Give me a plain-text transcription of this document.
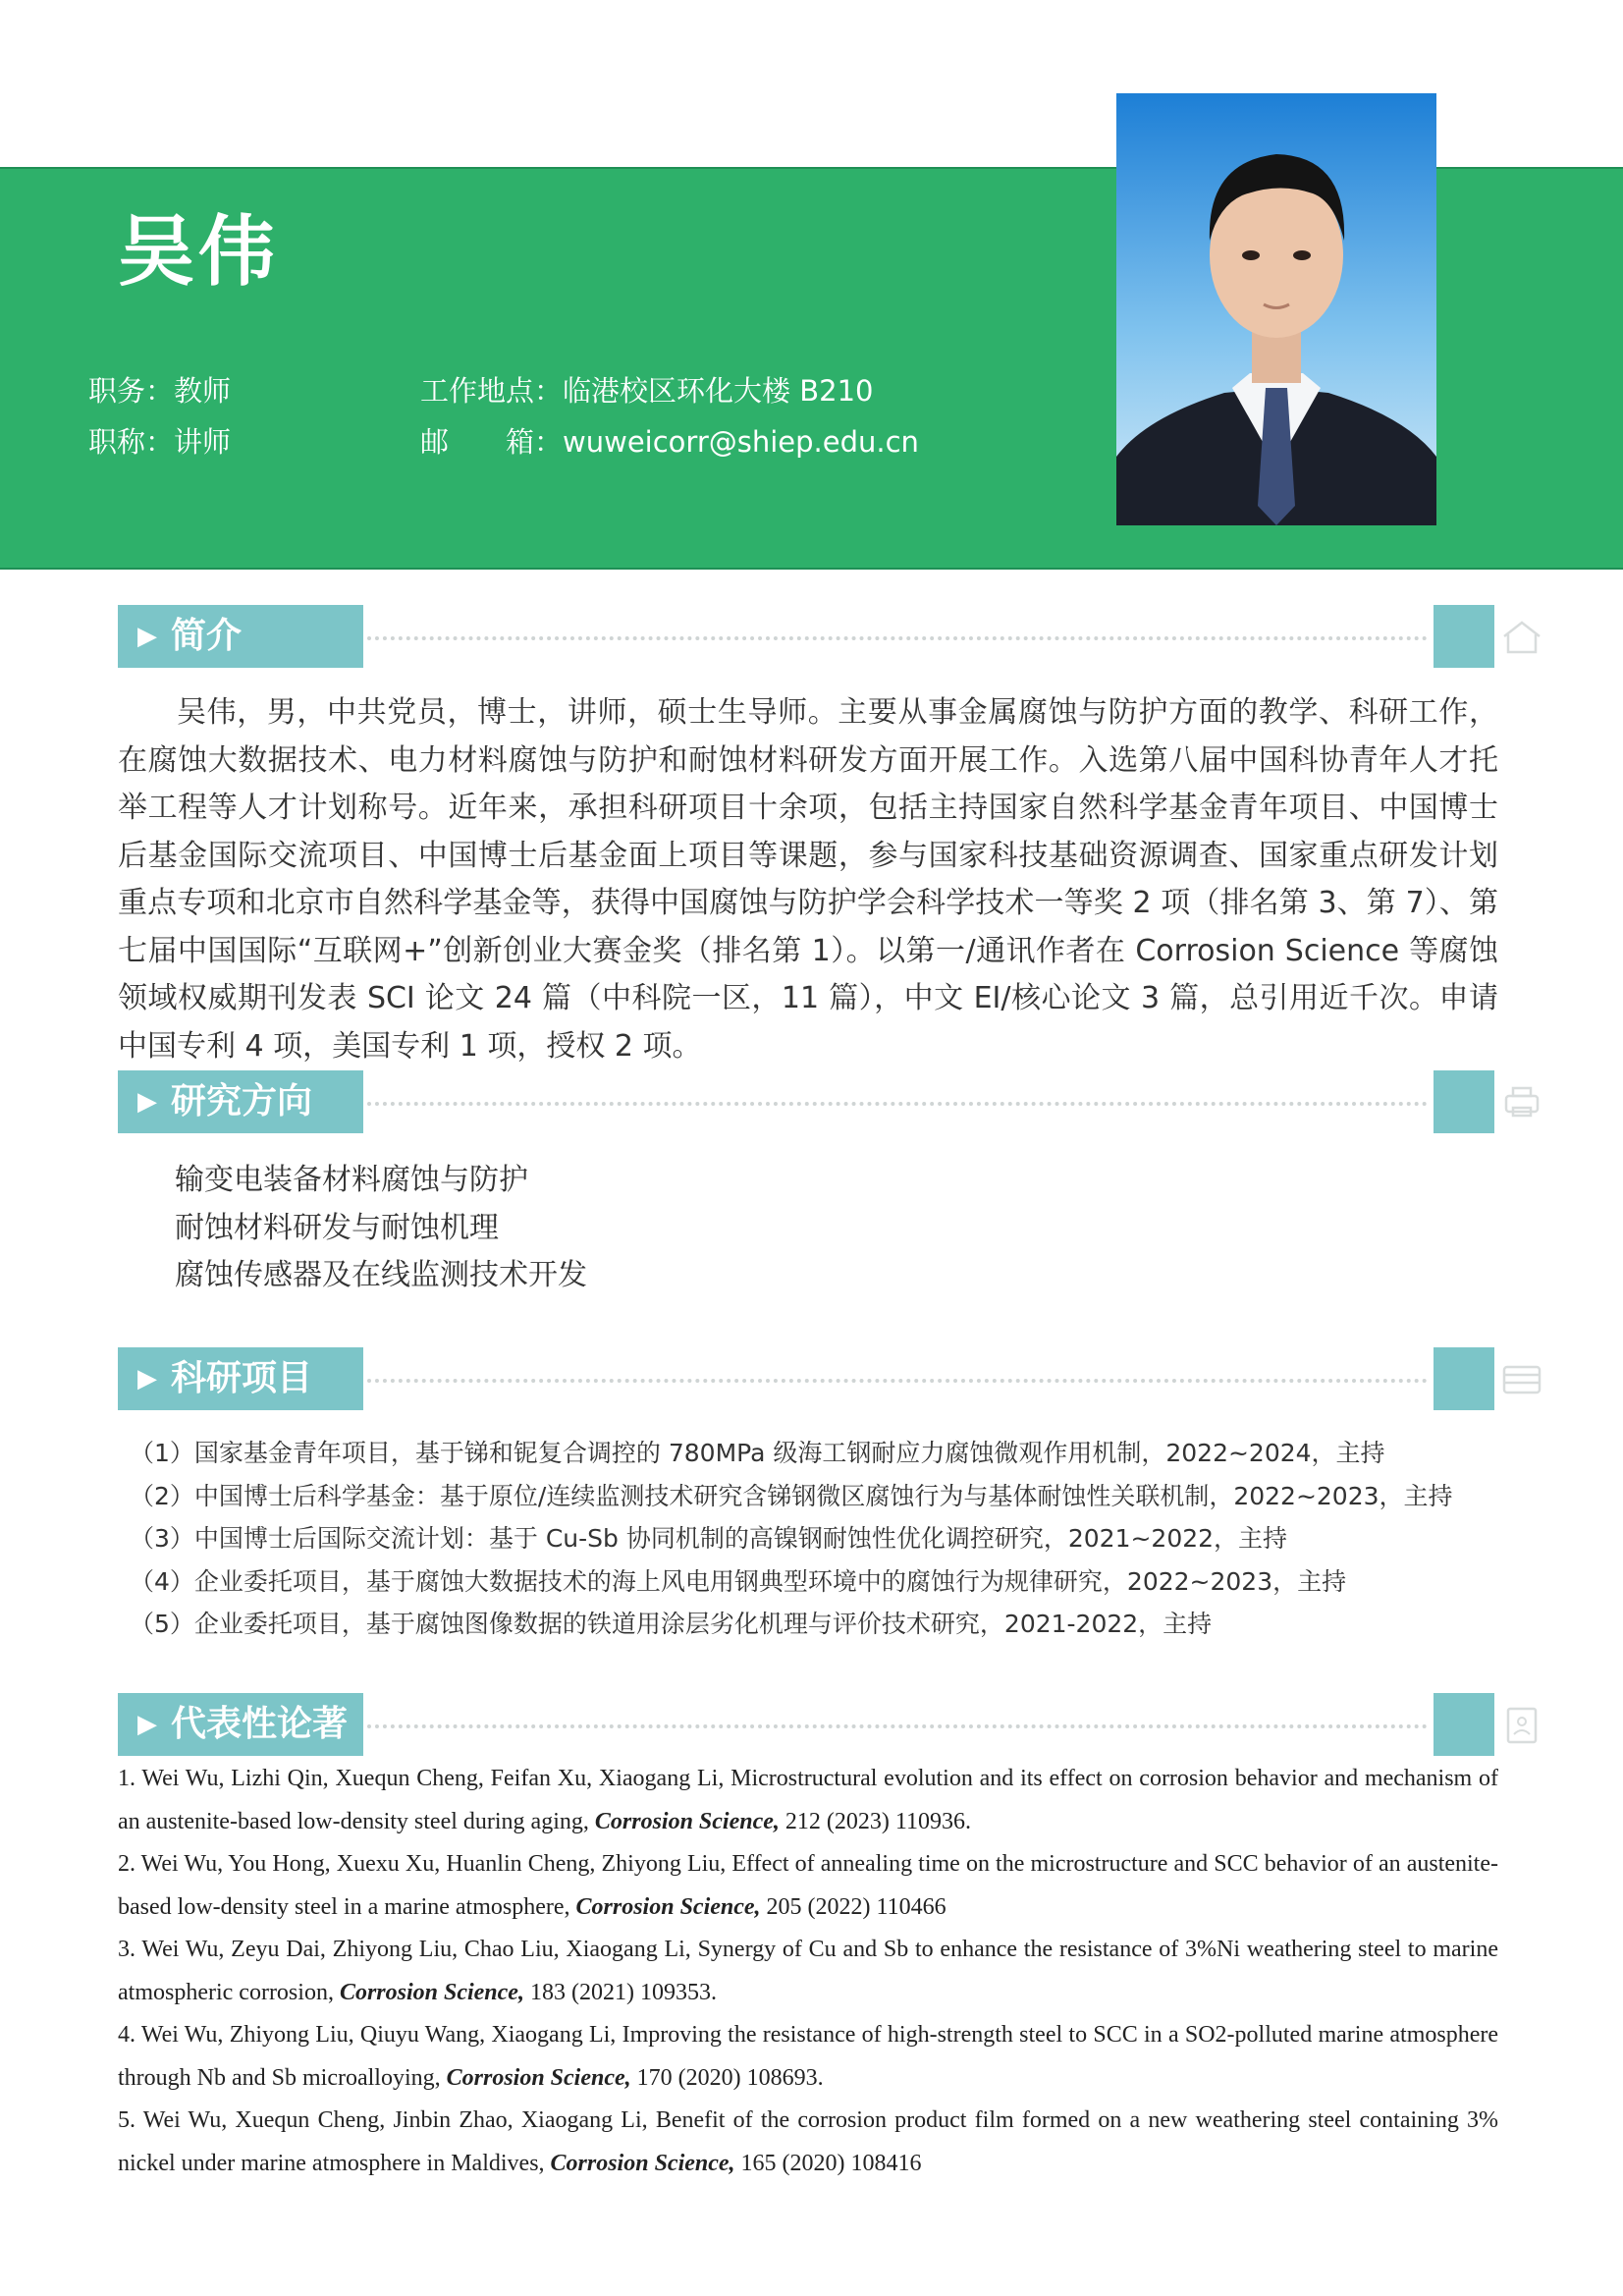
吴伟
职务：教师
职称：讲师
工作地点：临港校区环化大楼 B210
邮　　箱：wuweicorr@shiep.edu.cn
▶ 简介

吴伟，男，中共党员，博士，讲师，硕士生导师。主要从事金属腐蚀与防护方面的教学、科研工作，在腐蚀大数据技术、电力材料腐蚀与防护和耐蚀材料研发方面开展工作。入选第八届中国科协青年人才托举工程等人才计划称号。近年来，承担科研项目十余项，包括主持国家自然科学基金青年项目、中国博士后基金国际交流项目、中国博士后基金面上项目等课题，参与国家科技基础资源调查、国家重点研发计划重点专项和北京市自然科学基金等，获得中国腐蚀与防护学会科学技术一等奖 2 项（排名第 3、第 7）、第七届中国国际“互联网+”创新创业大赛金奖（排名第 1）。以第一/通讯作者在 Corrosion Science 等腐蚀领域权威期刊发表 SCI 论文 24 篇（中科院一区，11 篇），中文 EI/核心论文 3 篇，总引用近千次。申请中国专利 4 项，美国专利 1 项，授权 2 项。

▶ 研究方向
输变电装备材料腐蚀与防护
耐蚀材料研发与耐蚀机理
腐蚀传感器及在线监测技术开发
▶ 科研项目
（1）国家基金青年项目，基于锑和铌复合调控的 780MPa 级海工钢耐应力腐蚀微观作用机制，2022~2024，主持
（2）中国博士后科学基金：基于原位/连续监测技术研究含锑钢微区腐蚀行为与基体耐蚀性关联机制，2022~2023，主持
（3）中国博士后国际交流计划：基于 Cu-Sb 协同机制的高镍钢耐蚀性优化调控研究，2021~2022，主持
（4）企业委托项目，基于腐蚀大数据技术的海上风电用钢典型环境中的腐蚀行为规律研究，2022~2023，主持
（5）企业委托项目，基于腐蚀图像数据的铁道用涂层劣化机理与评价技术研究，2021-2022，主持
▶ 代表性论著
1. Wei Wu, Lizhi Qin, Xuequn Cheng, Feifan Xu, Xiaogang Li, Microstructural evolution and its effect on corrosion behavior and mechanism of an austenite-based low-density steel during aging, Corrosion Science, 212 (2023) 110936.
2. Wei Wu, You Hong, Xuexu Xu, Huanlin Cheng, Zhiyong Liu, Effect of annealing time on the microstructure and SCC behavior of an austenite-based low-density steel in a marine atmosphere, Corrosion Science, 205 (2022) 110466
3. Wei Wu, Zeyu Dai, Zhiyong Liu, Chao Liu, Xiaogang Li, Synergy of Cu and Sb to enhance the resistance of 3%Ni weathering steel to marine atmospheric corrosion, Corrosion Science, 183 (2021) 109353.
4. Wei Wu, Zhiyong Liu, Qiuyu Wang, Xiaogang Li, Improving the resistance of high-strength steel to SCC in a SO2-polluted marine atmosphere through Nb and Sb microalloying, Corrosion Science, 170 (2020) 108693.
5. Wei Wu, Xuequn Cheng, Jinbin Zhao, Xiaogang Li, Benefit of the corrosion product film formed on a new weathering steel containing 3% nickel under marine atmosphere in Maldives, Corrosion Science, 165 (2020) 108416
